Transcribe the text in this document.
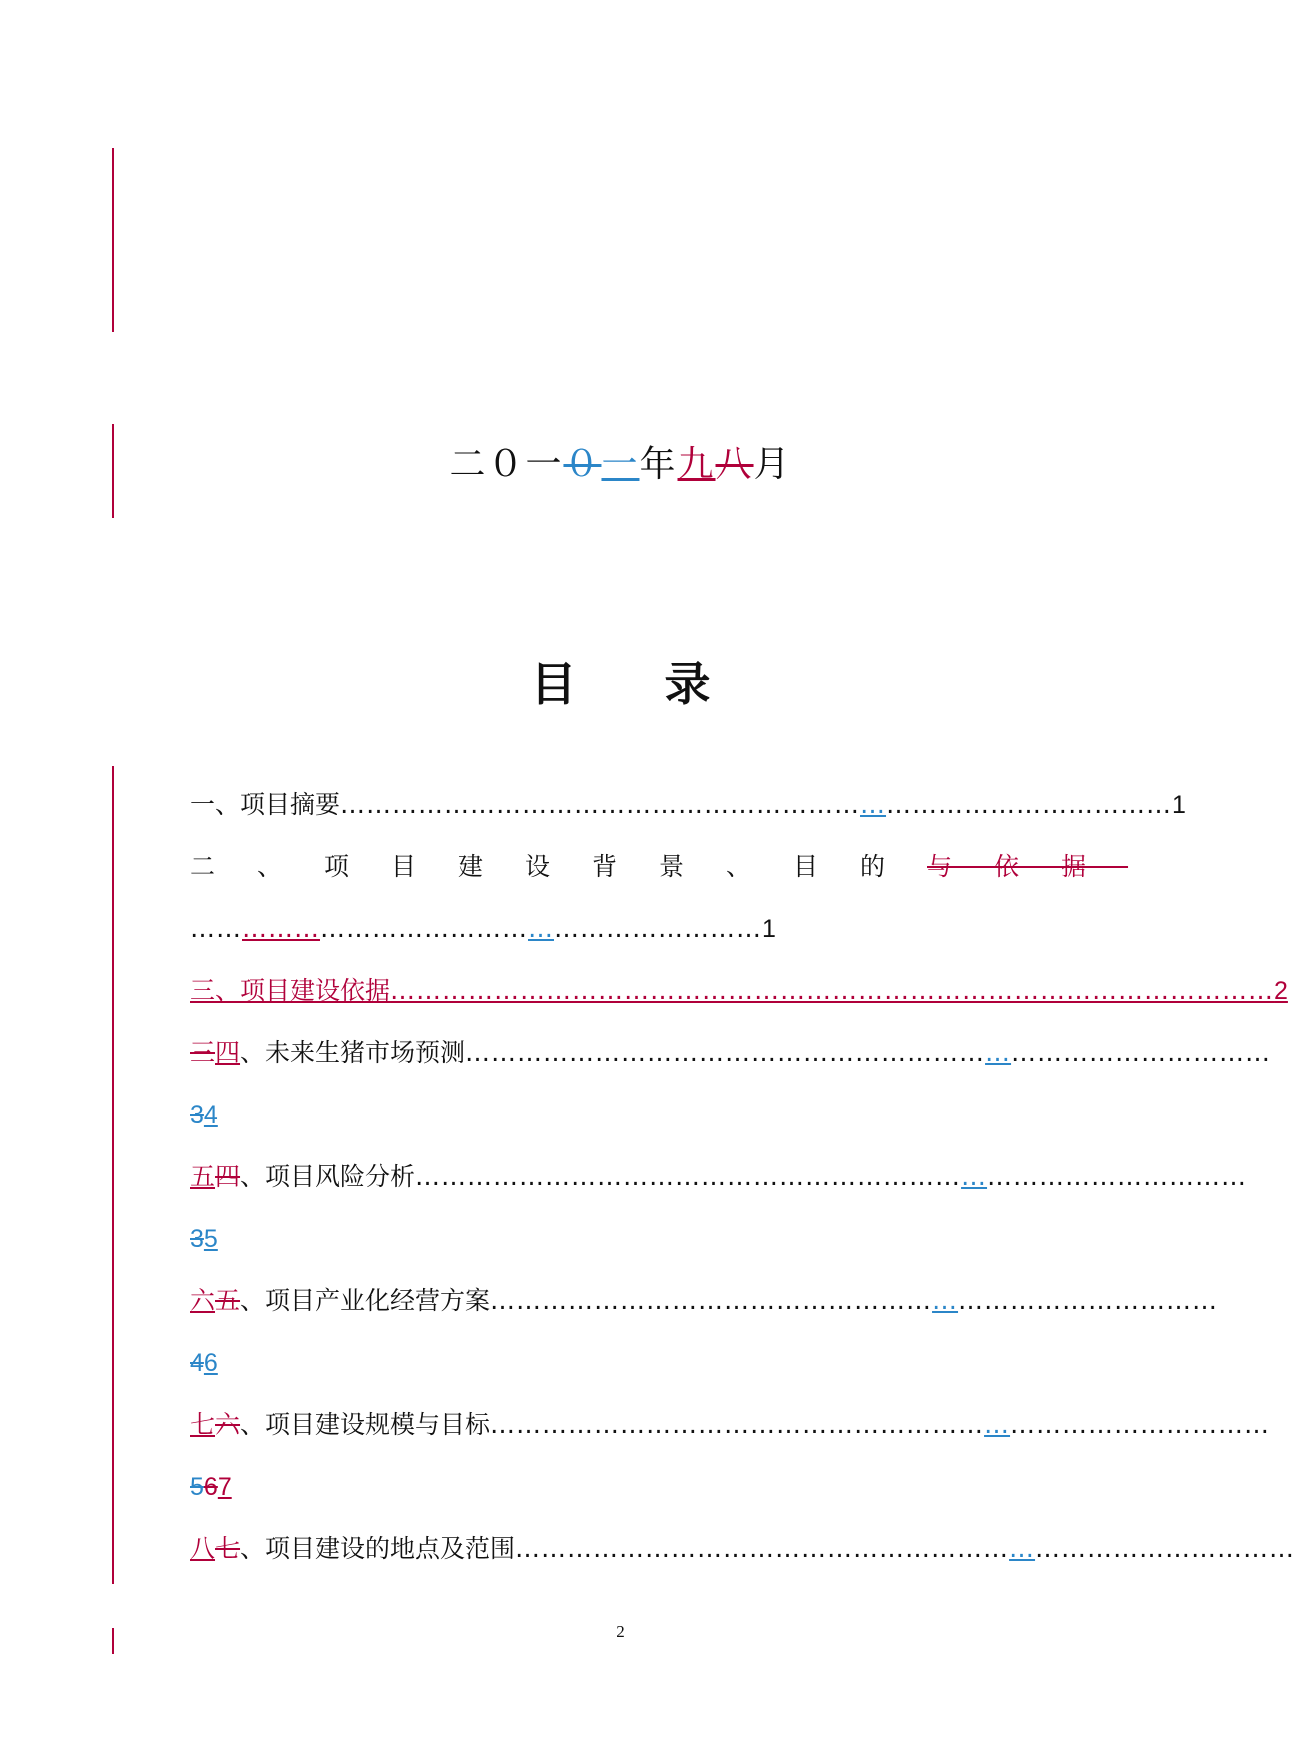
二０一０一年九八月
目 录
一、项目摘要……………………………………………………………………………………1
二、项目建设背景、目的与依据
…………………………………………………………1
三、项目建设依据…………………………………………………………………………………………2
三四、未来生猪市场预测…………………………………………………………………………………
34
五四、项目风险分析……………………………………………………………………………………
35
六五、项目产业化经营方案…………………………………………………………………………
46
七六、项目建设规模与目标………………………………………………………………………………
567
八七、项目建设的地点及范围………………………………………………………………………………
2
